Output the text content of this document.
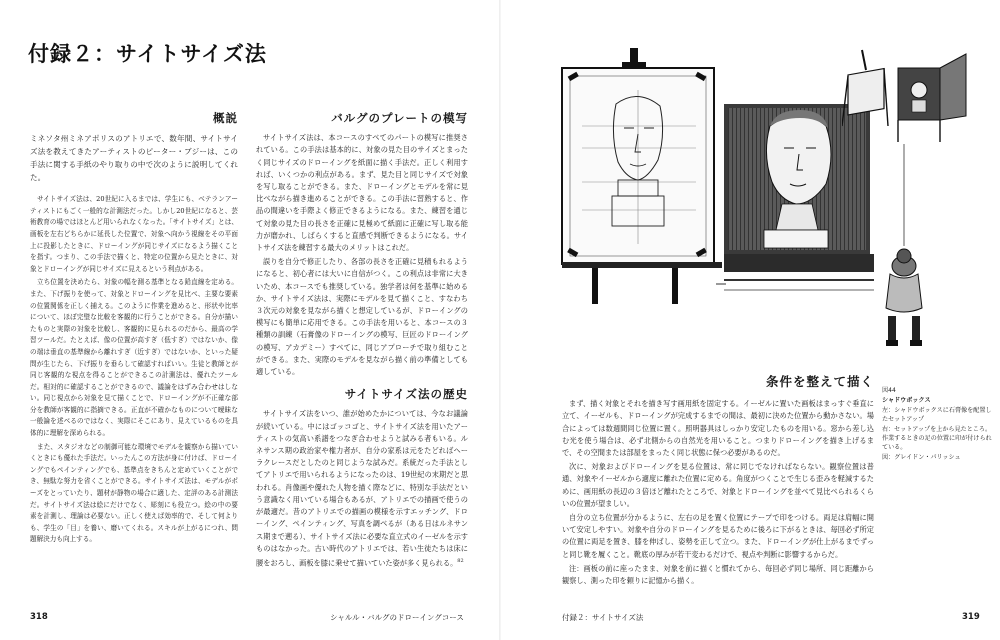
付録２：サイトサイズ法
概説
ミネソタ州ミネアポリスのアトリエで、数年間、サイトサイズ法を教えてきたアーティストのピーター・ブジーは、この手法に関する手紙のやり取りの中で次のように説明してくれた。

サイトサイズ法は、20世紀に入るまでは、学生にも、ベテランアーティストにもごく一般的な計測法だった。しかし20世紀になると、芸術教育の場ではほとんど用いられなくなった。「サイトサイズ」とは、画板を左右どちらかに延長した位置で、対象へ向かう視線をその平面上に投影したときに、ドローイングが同じサイズになるよう描くことを指す。つまり、この手法で描くと、特定の位置から見たときに、対象とドローイングが同じサイズに見えるという利点がある。

立ち位置を決めたら、対象の幅を測る基準となる鉛直線を定める。また、下げ振りを使って、対象とドローイングを見比べ、主要な要素の位置関係を正しく捕える。このように作業を進めると、形状や比率について、ほぼ完璧な比較を客観的に行うことができる。自分が描いたものと実際の対象を比較し、客観的に見られるのだから、最高の学習ツールだ。たとえば、像の位置が高すぎ（低すぎ）ではないか、像の端は垂直の基準線から離れすぎ（近すぎ）ではないか、といった疑問が生じたら、下げ振りを垂らして確認すればいい。生徒と教師とが同じ客観的な視点を得ることができるこの計測法は、優れたツールだ。相対的に確認することができるので、議論をはずみ合わせはしない。同じ視点から対象を見て描くことで、ドローイングが不正確な部分を教師が客観的に指摘できる。正直が不確かなものについて曖昧な一般論を述べるのではなく、実際にそこにあり、見えているものを具体的に理解を深められる。

また、スタジオなどの制御可能な環境でモデルを観察から描いていくときにも優れた手法だ。いったんこの方法が身に付けば、ドローイングでもペインティングでも、基準点をきちんと定めていくことができ、無駄な努力を省くことができる。サイトサイズ法は、モデルがポーズをとっていたり、題材が静物の場合に適した、定評のある計測法だ。サイトサイズ法は絵にだけでなく、彫刻にも役立つ。絵の中の要素を計測し、理論は必要ない。正しく使えば効率的で、そして何よりも、学生の「目」を養い、磨いてくれる。スキルが上がるにつれ、問題解決力も向上する。

バルグのプレートの模写

サイトサイズ法は、本コースのすべてのパートの模写に推奨されている。この手法は基本的に、対象の見た目のサイズとまったく同じサイズのドローイングを紙面に描く手法だ。正しく利用すれば、いくつかの利点がある。まず、見た目と同じサイズで対象を写し取ることができる。また、ドローイングとモデルを常に見比べながら描き進めることができる。この手法に習熟すると、作品の間違いを手際よく修正できるようになる。また、練習を通じて対象の見た目の長さを正確に見極めて紙面に正確に写し取る能力が磨かれ、しばらくすると直感で判断できるようになる。サイトサイズ法を練習する最大のメリットはこれだ。

誤りを自分で修正したり、各部の長さを正確に見積もれるようになると、初心者には大いに自信がつく。この利点は非常に大きいため、本コースでも推奨している。独学者は何を基準に始めるか、サイトサイズ法は、実際にモデルを見て描くこと、すなわち３次元の対象を見ながら描くと想定しているが、ドローイングの模写にも簡単に応用できる。この手法を用いると、本コースの３種類の訓練（石膏像のドローイングの模写、巨匠のドローイングの模写、アカデミー）すべてに、同じアプローチで取り組むことができる。また、実際のモデルを見ながら描く前の準備としても適している。

サイトサイズ法の歴史

サイトサイズ法をいつ、誰が始めたかについては、今なお議論が続いている。中にはゴッコゴと、サイトサイズ法を用いたアーティストの気高い系譜をつなぎ合わせようと試みる者もいる。ルネサンス期の政治家や権力者が、自分の家系は元をたどればヘーラクレースだとしたのと同じような試みだ。系統だった手法としてアトリエで用いられるようになったのは、19世紀の末期だと思われる。肖像画や優れた人物を描く際などに、特別な手法だという意識なく用いている場合もあるが、アトリエでの描画で使うのが最適だ。昔のアトリエでの描画の模様を示すエッチング、ドローイング、ペインティング、写真を調べるが（ある日はルネサンス期まで遡る）、サイトサイズ法に必要な直立式のイーゼルを示すものはなかった。古い時代のアトリエでは、若い生徒たちは床に腰をおろし、画板を膝に乗せて描いていた姿が多く見られる。$^{82}$

318	シャルル・バルグのドローイングコース
条件を整えて描く

まず、描く対象とそれを描き写す画用紙を固定する。イーゼルに置いた画板はまっすぐ垂直に立て、イーゼルも、ドローイングが完成するまでの間は、最初に決めた位置から動かさない。場合によっては数週間同じ位置に置く。照明器具はしっかり安定したものを用いる。窓から差し込む光を使う場合は、必ず北側からの自然光を用いること。つまりドローイングを描き上げるまで、その空間または部屋をまったく同じ状態に保つ必要があるのだ。

次に、対象およびドローイングを見る位置は、常に同じでなければならない。観察位置は普通、対象やイーゼルから適度に離れた位置に定める。角度がつくことで生じる歪みを軽減するために、画用紙の長辺の３倍ほど離れたところで、対象とドローイングを並べて見比べられるくらいの位置が望ましい。

自分の立ち位置が分かるように、左右の足を置く位置にテープで印をつける。両足は肩幅に開いて安定しやすい。対象や自分のドローイングを見るために後ろに下がるときは、毎回必ず所定の位置に両足を置き、膝を伸ばし、姿勢を正して立つ。また、ドローイングが仕上がるまでずっと同じ靴を履くこと。靴底の厚みが若干変わるだけで、視点や判断に影響するからだ。

注：画板の前に座ったまま、対象を前に描くと慣れてから、毎回必ず同じ場所、同じ距離から観察し、測った印を頼りに記憶から描く。

付録２：サイトサイズ法	319
図44
シャドウボックス
左：シャドウボックスに石膏像を配置したセットアップ
右：セットアップを上から見たところ。作業するときの足の位置に印が付けられている。
図：グレイドン・パリッシュ
